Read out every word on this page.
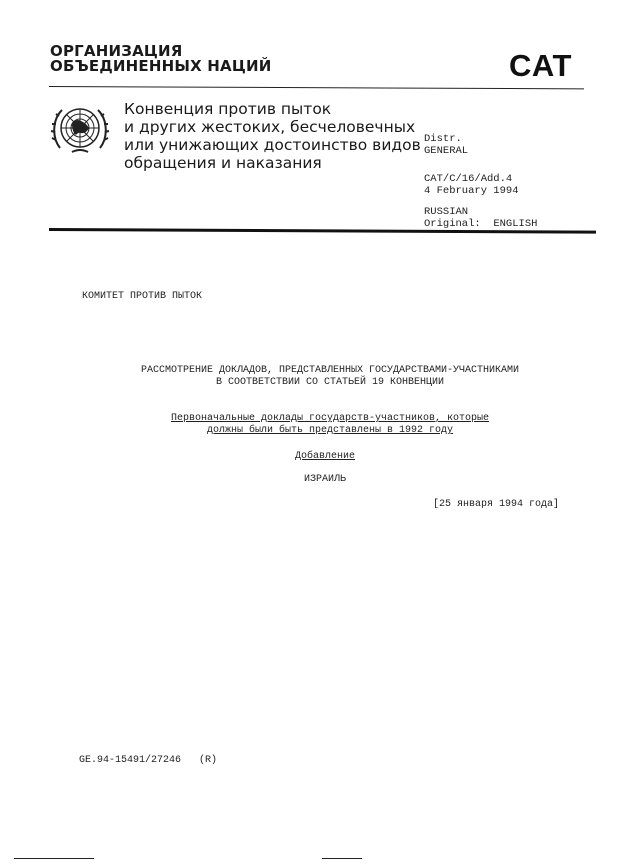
ОРГАНИЗАЦИЯ
ОБЪЕДИНЕННЫХ НАЦИЙ	CAT
Конвенция против пыток
и других жестоких, бесчеловечных
или унижающих достоинство видов
обращения и наказания
Distr.
GENERAL
CAT/C/16/Add.4
4 February 1994
RUSSIAN
Original: ENGLISH
КОМИТЕТ ПРОТИВ ПЫТОК
РАССМОТРЕНИЕ ДОКЛАДОВ, ПРЕДСТАВЛЕННЫХ ГОСУДАРСТВАМИ-УЧАСТНИКАМИ
В СООТВЕТСТВИИ СО СТАТЬЕЙ 19 КОНВЕНЦИИ
Первоначальные доклады государств-участников, которые
должны были быть представлены в 1992 году
Добавление
ИЗРАИЛЬ
[25 января 1994 года]
GE.94-15491/27246 (R)
